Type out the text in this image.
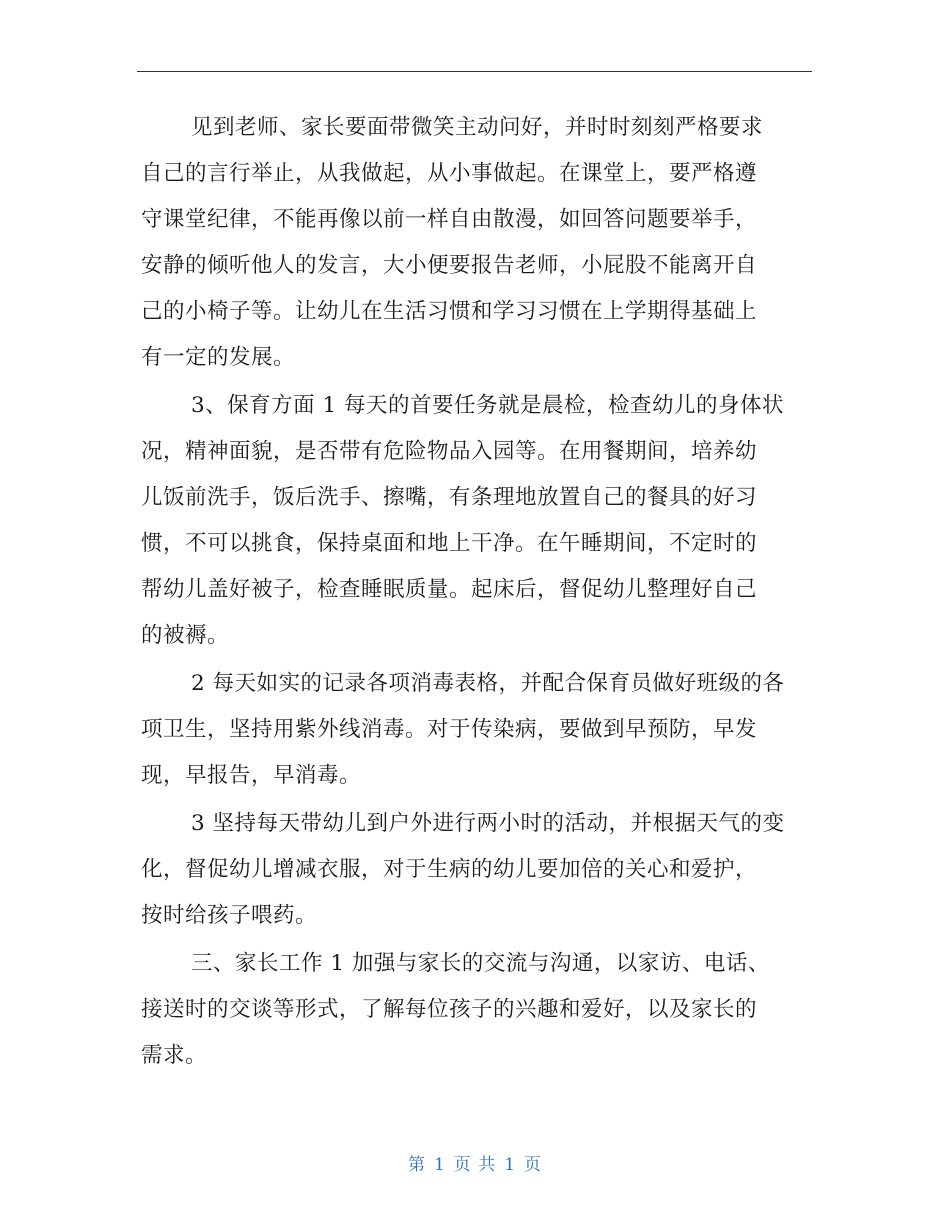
见到老师、家长要面带微笑主动问好，并时时刻刻严格要求
自己的言行举止，从我做起，从小事做起。在课堂上，要严格遵
守课堂纪律，不能再像以前一样自由散漫，如回答问题要举手，
安静的倾听他人的发言，大小便要报告老师，小屁股不能离开自
己的小椅子等。让幼儿在生活习惯和学习习惯在上学期得基础上
有一定的发展。
3、保育方面 1 每天的首要任务就是晨检，检查幼儿的身体状
况，精神面貌，是否带有危险物品入园等。在用餐期间，培养幼
儿饭前洗手，饭后洗手、擦嘴，有条理地放置自己的餐具的好习
惯，不可以挑食，保持桌面和地上干净。在午睡期间，不定时的
帮幼儿盖好被子，检查睡眠质量。起床后，督促幼儿整理好自己
的被褥。
2 每天如实的记录各项消毒表格，并配合保育员做好班级的各
项卫生，坚持用紫外线消毒。对于传染病，要做到早预防，早发
现，早报告，早消毒。
3 坚持每天带幼儿到户外进行两小时的活动，并根据天气的变
化，督促幼儿增减衣服，对于生病的幼儿要加倍的关心和爱护，
按时给孩子喂药。
三、家长工作 1 加强与家长的交流与沟通，以家访、电话、
接送时的交谈等形式，了解每位孩子的兴趣和爱好，以及家长的
需求。
第 1 页 共 1 页
